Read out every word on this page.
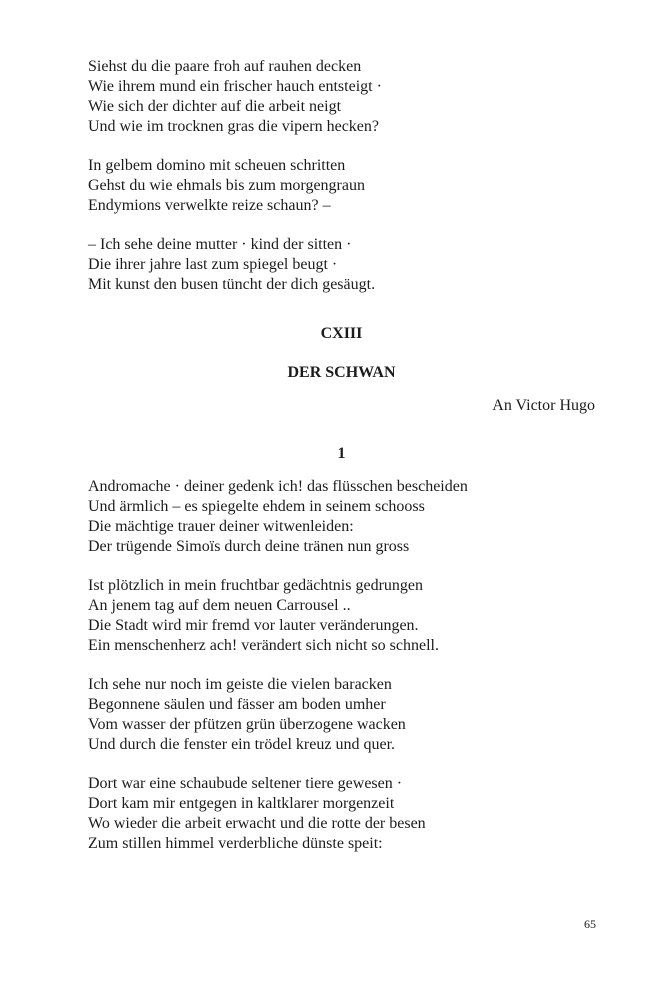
Siehst du die paare froh auf rauhen decken
Wie ihrem mund ein frischer hauch entsteigt ·
Wie sich der dichter auf die arbeit neigt
Und wie im trocknen gras die vipern hecken?
In gelbem domino mit scheuen schritten
Gehst du wie ehmals bis zum morgengraun
Endymions verwelkte reize schaun? –
– Ich sehe deine mutter · kind der sitten ·
Die ihrer jahre last zum spiegel beugt ·
Mit kunst den busen tüncht der dich gesäugt.
CXIII
DER SCHWAN
An Victor Hugo
1
Andromache · deiner gedenk ich! das flüsschen bescheiden
Und ärmlich – es spiegelte ehdem in seinem schooss
Die mächtige trauer deiner witwenleiden:
Der trügende Simoïs durch deine tränen nun gross
Ist plötzlich in mein fruchtbar gedächtnis gedrungen
An jenem tag auf dem neuen Carrousel ..
Die Stadt wird mir fremd vor lauter veränderungen.
Ein menschenherz ach! verändert sich nicht so schnell.
Ich sehe nur noch im geiste die vielen baracken
Begonnene säulen und fässer am boden umher
Vom wasser der pfützen grün überzogene wacken
Und durch die fenster ein trödel kreuz und quer.
Dort war eine schaubude seltener tiere gewesen ·
Dort kam mir entgegen in kaltklarer morgenzeit
Wo wieder die arbeit erwacht und die rotte der besen
Zum stillen himmel verderbliche dünste speit:
65
